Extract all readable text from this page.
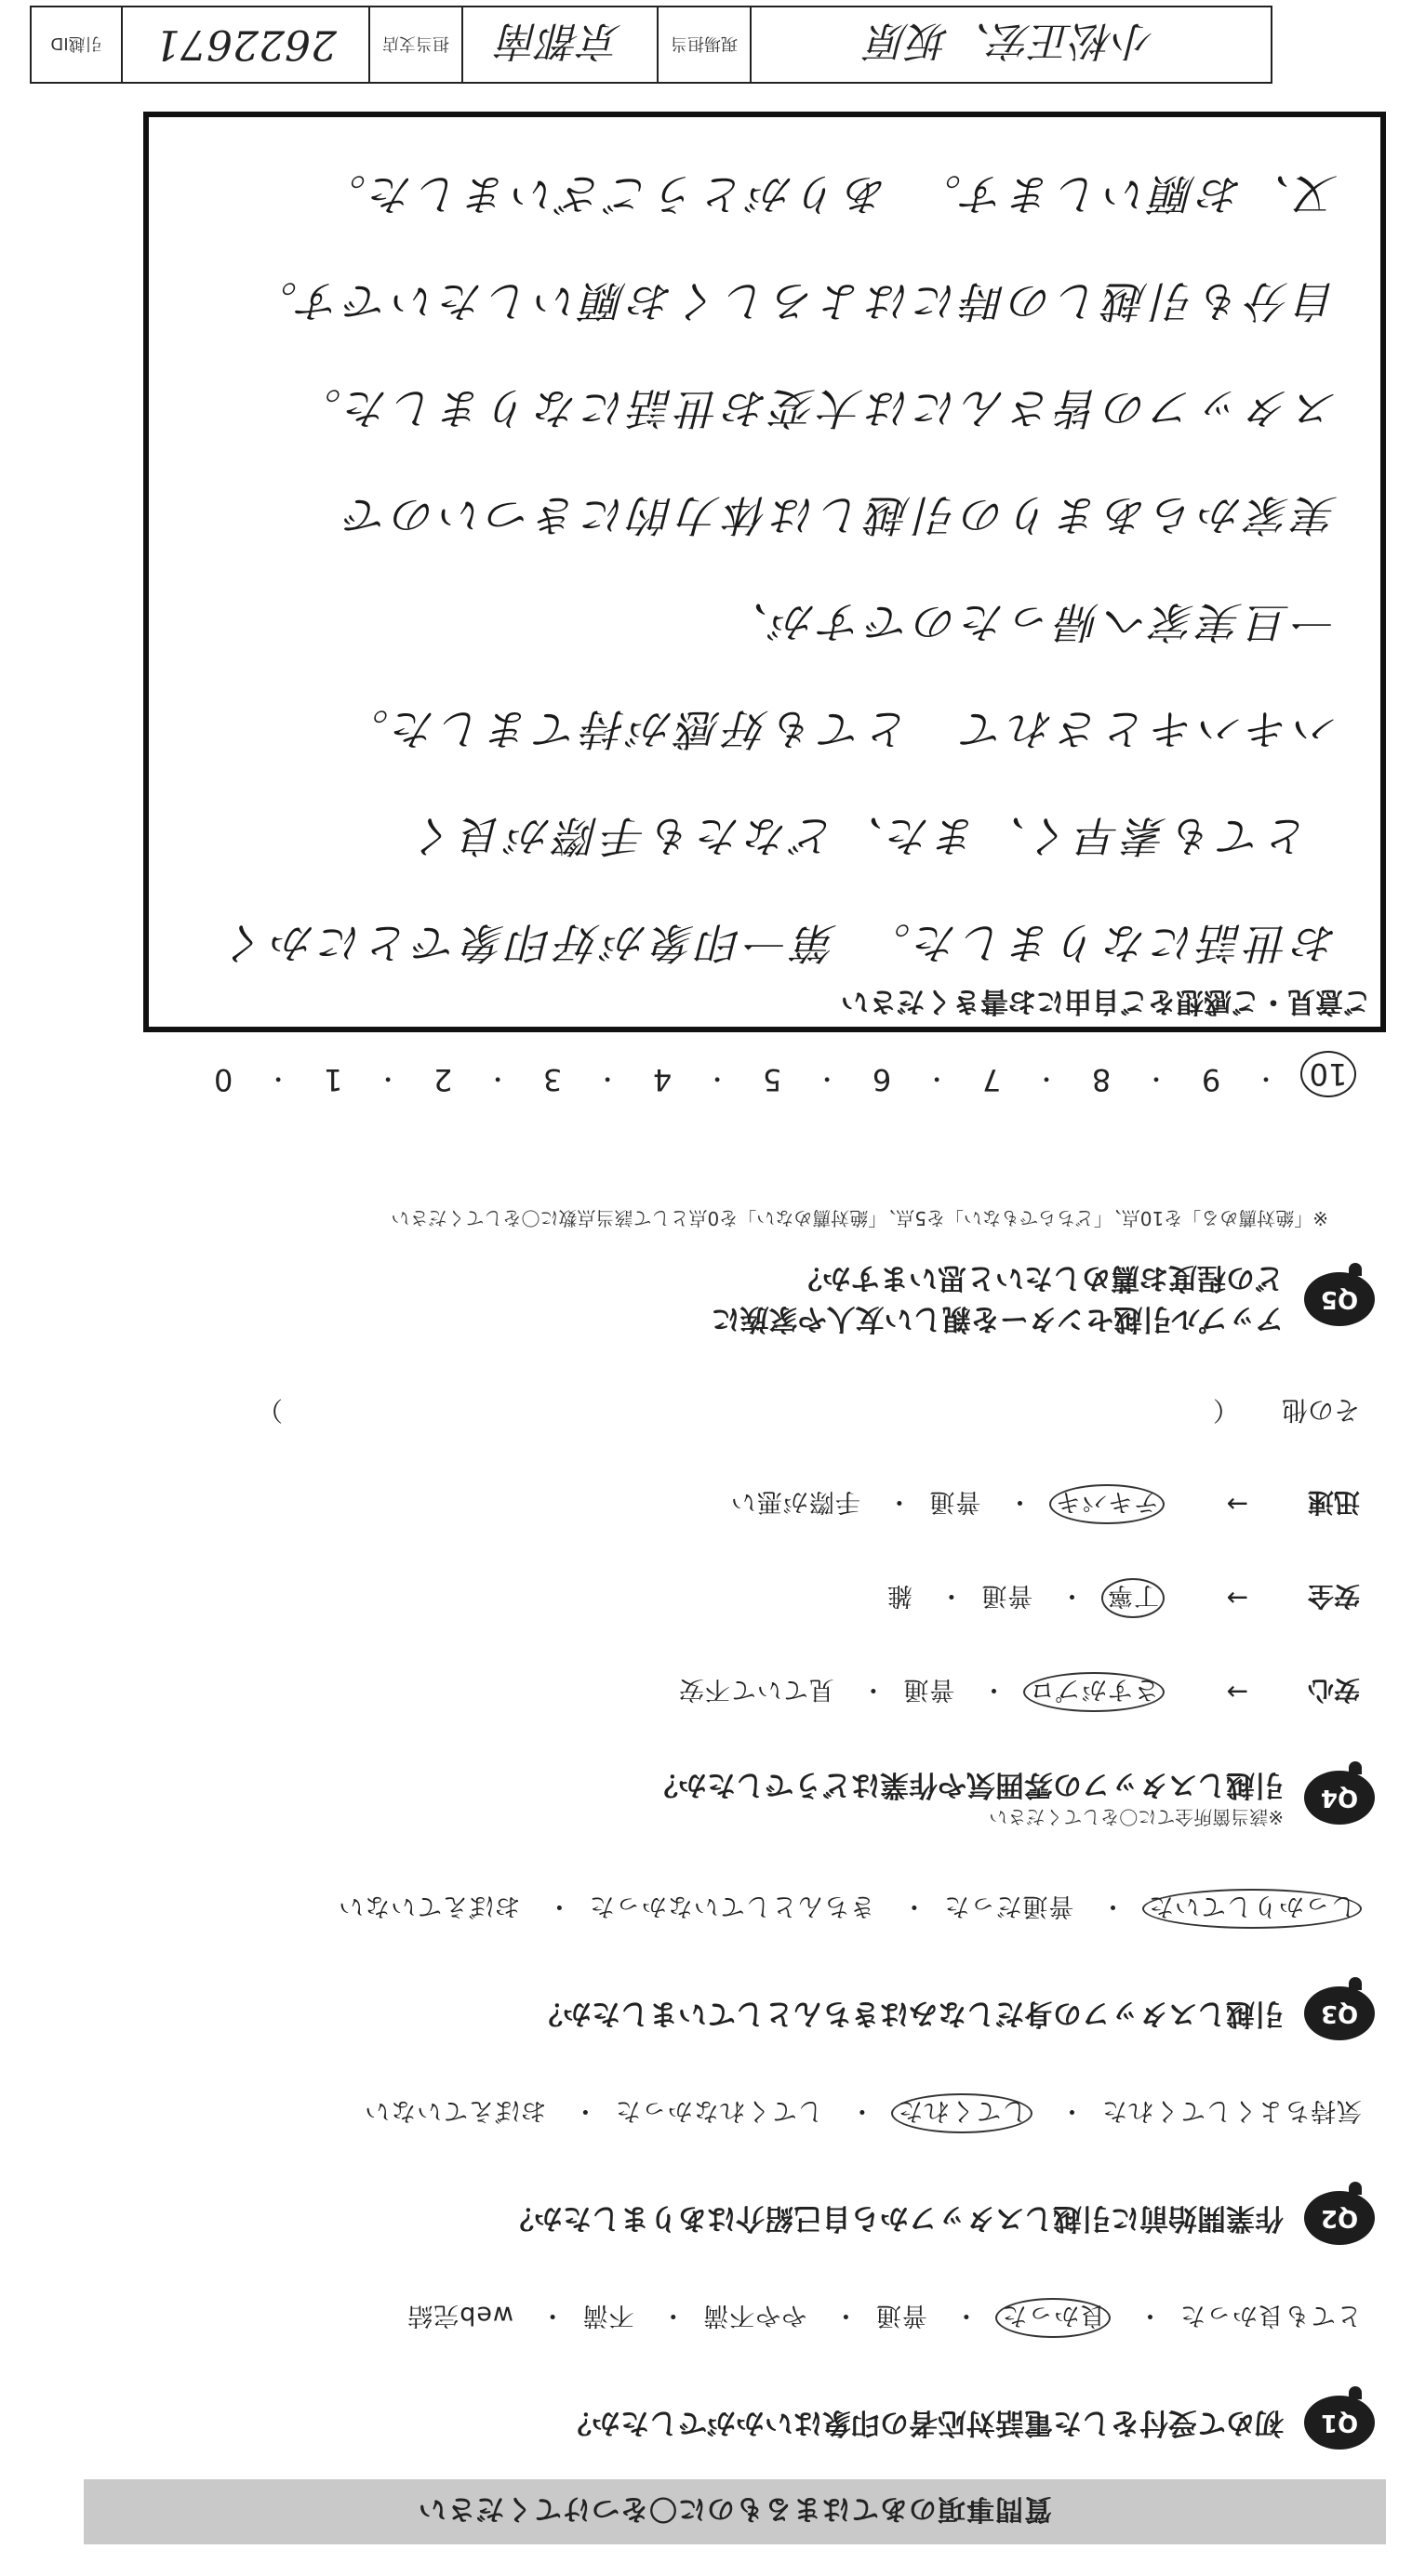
質問事項のあてはまるものに〇をつけてください
Q1
初めて受付をした電話対応者の印象はいかがでしたか？
とても良かった・ 良かった・ 普通・ やや不満・ 不満・ web完結
Q2
作業開始前に引越しスタッフから自己紹介はありましたか？
気持ちよくしてくれた・ してくれた・ してくれなかった・ おぼえていない
Q3
引越しスタッフの身だしなみはきちんとしていましたか？
しっかりしていた・ 普通だった・ きちんとしていなかった・ おぼえていない
Q4
※該当箇所全てに〇をしてください
引越しスタッフの雰囲気や作業はどうでしたか？
安心
→
さすがプロ・ 普通・ 見ていて不安
安全
→
丁寧・ 普通・ 雑
迅速
→
テキパキ・ 普通・ 手際が悪い
その他
（
）
Q5
アップル引越センターを親しい友人や家族に
どの程度お薦めしたいと思いますか？
※「絶対薦める」を10点、「どちらでもない」を5点、「絶対薦めない」を0点として該当点数に〇をしてください
10
・
9
・
8
・
7
・
6
・
5
・
4
・
3
・
2
・
1
・
0
ご意見・ご感想をご自由にお書きください
お世話になりました。　第一印象が好印象でとにかく
とても素早く、また、どなたも手際が良く
ハキハキとされて　とても好感が持てました。
一旦実家へ帰ったのですが、
実家からあまりの引越しは体力的にきついので
スタッフの皆さんには大変お世話になりました。
自分も引越しの時にはよろしくお願いしたいです。
又、お願いします。　ありがとうございました。
小松正宏、坂原
現場担当
京都南
担当支店
2622671
引越ID
